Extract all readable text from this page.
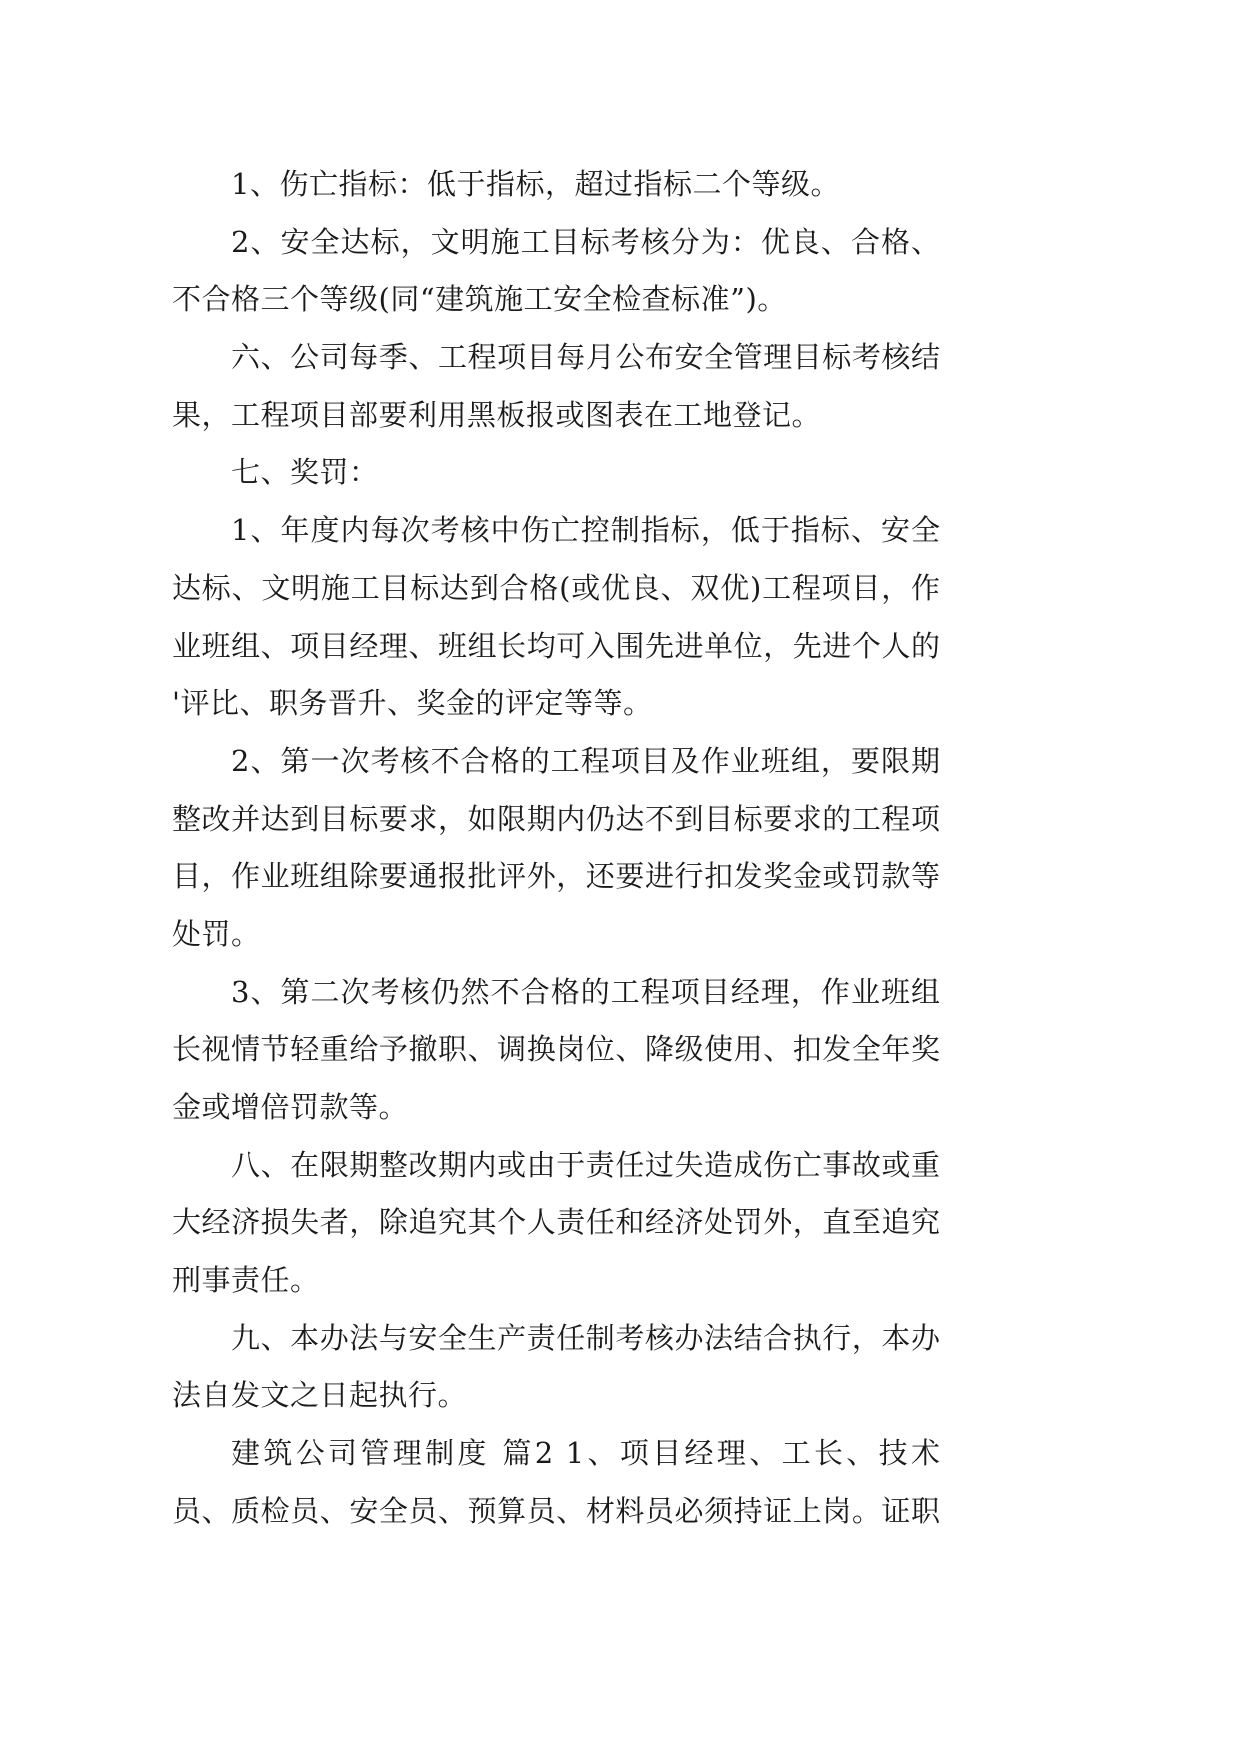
1、伤亡指标：低于指标，超过指标二个等级。
2、安全达标，文明施工目标考核分为：优良、合格、
不合格三个等级(同“建筑施工安全检查标准”)。
六、公司每季、工程项目每月公布安全管理目标考核结
果，工程项目部要利用黑板报或图表在工地登记。
七、奖罚：
1、年度内每次考核中伤亡控制指标，低于指标、安全
达标、文明施工目标达到合格(或优良、双优)工程项目，作
业班组、项目经理、班组长均可入围先进单位，先进个人的
'评比、职务晋升、奖金的评定等等。
2、第一次考核不合格的工程项目及作业班组，要限期
整改并达到目标要求，如限期内仍达不到目标要求的工程项
目，作业班组除要通报批评外，还要进行扣发奖金或罚款等
处罚。
3、第二次考核仍然不合格的工程项目经理，作业班组
长视情节轻重给予撤职、调换岗位、降级使用、扣发全年奖
金或增倍罚款等。
八、在限期整改期内或由于责任过失造成伤亡事故或重
大经济损失者，除追究其个人责任和经济处罚外，直至追究
刑事责任。
九、本办法与安全生产责任制考核办法结合执行，本办
法自发文之日起执行。
建筑公司管理制度 篇2 1、项目经理、工长、技术
员、质检员、安全员、预算员、材料员必须持证上岗。证职
